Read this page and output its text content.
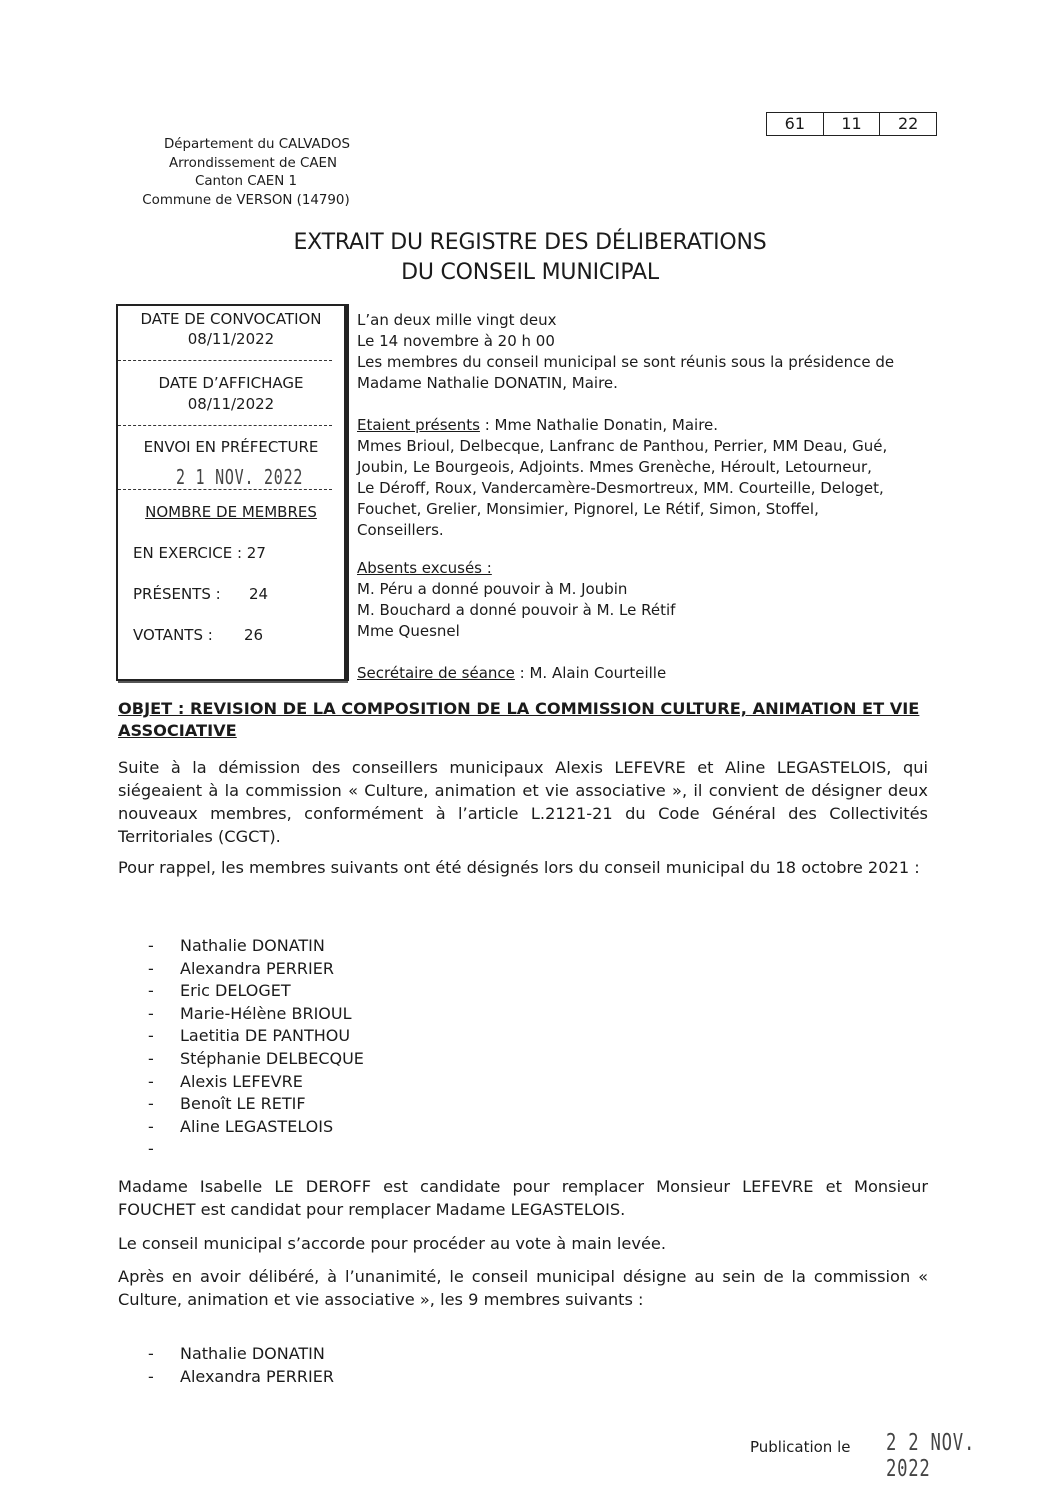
61	11	22
Département du CALVADOS
Arrondissement de CAEN
Canton CAEN 1
Commune de VERSON (14790)
EXTRAIT DU REGISTRE DES DÉLIBERATIONS
DU CONSEIL MUNICIPAL
DATE DE CONVOCATION
08/11/2022
DATE D’AFFICHAGE
08/11/2022
ENVOI EN PRÉFECTURE
2 1 NOV. 2022
NOMBRE DE MEMBRES
EN EXERCICE : 27
PRÉSENTS : 24
VOTANTS : 26
L’an deux mille vingt deux
Le 14 novembre à 20 h 00
Les membres du conseil municipal se sont réunis sous la présidence de
Madame Nathalie DONATIN, Maire.
Etaient présents : Mme Nathalie Donatin, Maire.
Mmes Brioul, Delbecque, Lanfranc de Panthou, Perrier, MM Deau, Gué,
Joubin, Le Bourgeois, Adjoints. Mmes Grenèche, Héroult, Letourneur,
Le Déroff, Roux, Vandercamère-Desmortreux, MM. Courteille, Deloget,
Fouchet, Grelier, Monsimier, Pignorel, Le Rétif, Simon, Stoffel,
Conseillers.
Absents excusés :
M. Péru a donné pouvoir à M. Joubin
M. Bouchard a donné pouvoir à M. Le Rétif
Mme Quesnel
Secrétaire de séance : M. Alain Courteille
OBJET : REVISION DE LA COMPOSITION DE LA COMMISSION CULTURE, ANIMATION ET VIE
ASSOCIATIVE
Suite à la démission des conseillers municipaux Alexis LEFEVRE et Aline LEGASTELOIS, qui siégeaient à la commission « Culture, animation et vie associative », il convient de désigner deux nouveaux membres, conformément à l’article L.2121-21 du Code Général des Collectivités Territoriales (CGCT).
Pour rappel, les membres suivants ont été désignés lors du conseil municipal du 18 octobre 2021 :
- Nathalie DONATIN
- Alexandra PERRIER
- Eric DELOGET
- Marie-Hélène BRIOUL
- Laetitia DE PANTHOU
- Stéphanie DELBECQUE
- Alexis LEFEVRE
- Benoît LE RETIF
- Aline LEGASTELOIS
-
Madame Isabelle LE DEROFF est candidate pour remplacer Monsieur LEFEVRE et Monsieur FOUCHET est candidat pour remplacer Madame LEGASTELOIS.
Le conseil municipal s’accorde pour procéder au vote à main levée.
Après en avoir délibéré, à l’unanimité, le conseil municipal désigne au sein de la commission « Culture, animation et vie associative », les 9 membres suivants :
- Nathalie DONATIN
- Alexandra PERRIER
Publication le 2 2 NOV. 2022
